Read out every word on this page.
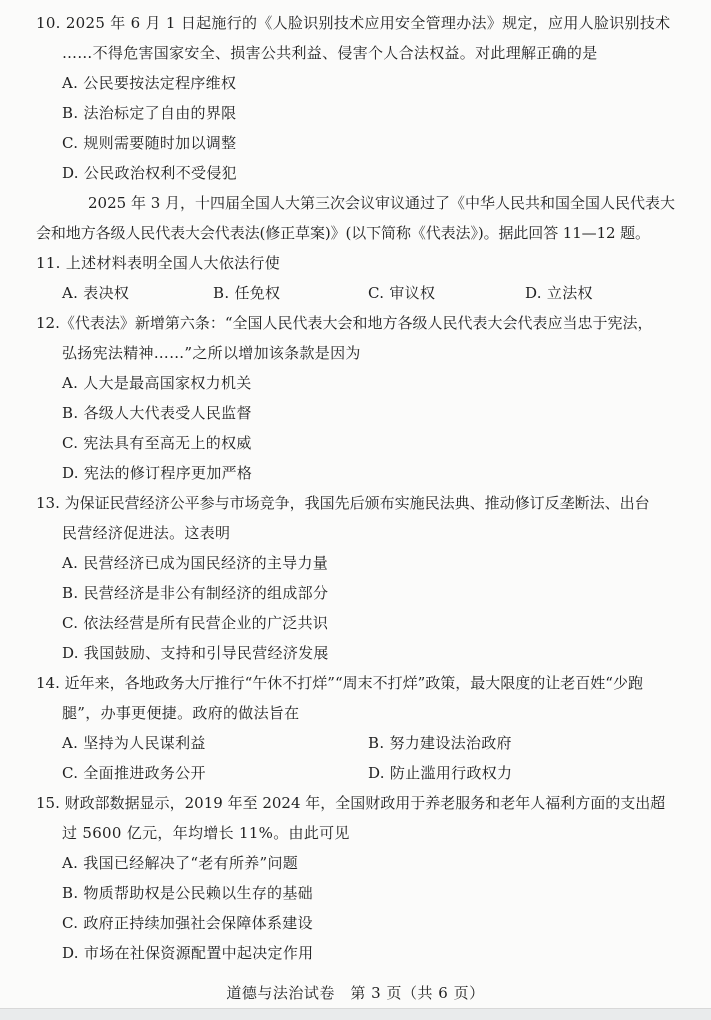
10. 2025 年 6 月 1 日起施行的《人脸识别技术应用安全管理办法》规定，应用人脸识别技术
……不得危害国家安全、损害公共利益、侵害个人合法权益。对此理解正确的是
A. 公民要按法定程序维权
B. 法治标定了自由的界限
C. 规则需要随时加以调整
D. 公民政治权利不受侵犯
2025 年 3 月，十四届全国人大第三次会议审议通过了《中华人民共和国全国人民代表大
会和地方各级人民代表大会代表法(修正草案)》(以下简称《代表法》)。据此回答 11—12 题。
11. 上述材料表明全国人大依法行使
A. 表决权	B. 任免权	C. 审议权	D. 立法权
12.《代表法》新增第六条：“全国人民代表大会和地方各级人民代表大会代表应当忠于宪法，
弘扬宪法精神……”之所以增加该条款是因为
A. 人大是最高国家权力机关
B. 各级人大代表受人民监督
C. 宪法具有至高无上的权威
D. 宪法的修订程序更加严格
13. 为保证民营经济公平参与市场竞争，我国先后颁布实施民法典、推动修订反垄断法、出台
民营经济促进法。这表明
A. 民营经济已成为国民经济的主导力量
B. 民营经济是非公有制经济的组成部分
C. 依法经营是所有民营企业的广泛共识
D. 我国鼓励、支持和引导民营经济发展
14. 近年来，各地政务大厅推行“午休不打烊”“周末不打烊”政策，最大限度的让老百姓“少跑
腿”，办事更便捷。政府的做法旨在
A. 坚持为人民谋利益	B. 努力建设法治政府
C. 全面推进政务公开	D. 防止滥用行政权力
15. 财政部数据显示，2019 年至 2024 年，全国财政用于养老服务和老年人福利方面的支出超
过 5600 亿元，年均增长 11%。由此可见
A. 我国已经解决了“老有所养”问题
B. 物质帮助权是公民赖以生存的基础
C. 政府正持续加强社会保障体系建设
D. 市场在社保资源配置中起决定作用
道德与法治试卷　第 3 页（共 6 页）
